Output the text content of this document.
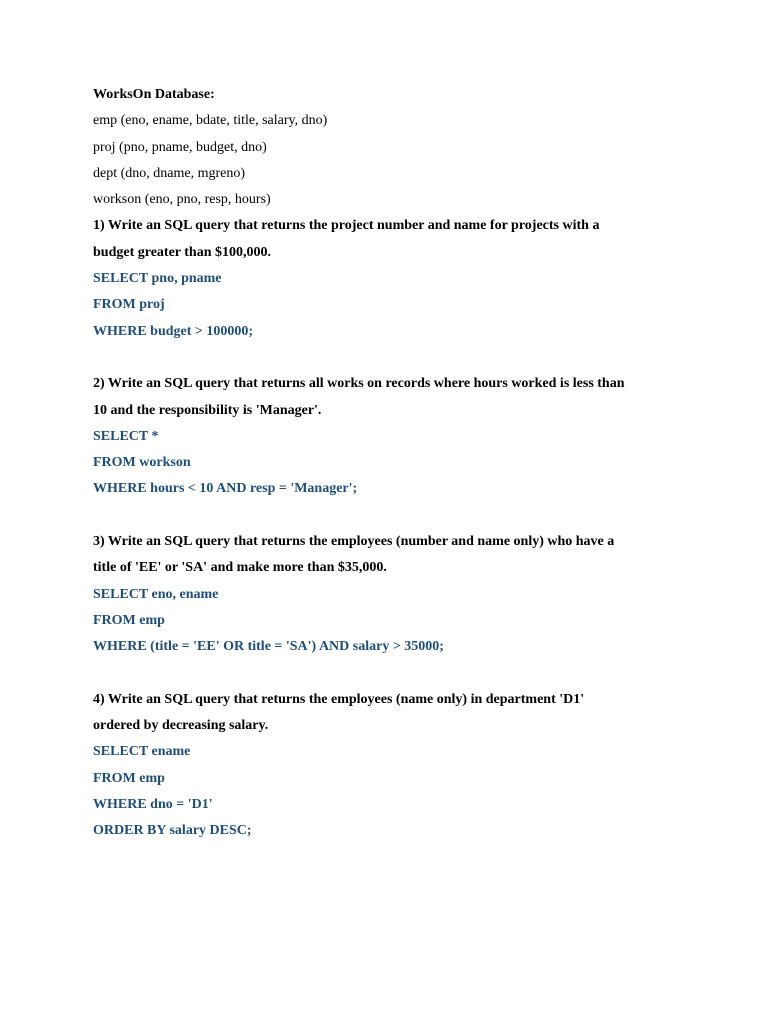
WorksOn Database:
emp (eno, ename, bdate, title, salary, dno)
proj (pno, pname, budget, dno)
dept (dno, dname, mgreno)
workson (eno, pno, resp, hours)
1) Write an SQL query that returns the project number and name for projects with a
budget greater than $100,000.
SELECT pno, pname
FROM proj
WHERE budget > 100000;
2) Write an SQL query that returns all works on records where hours worked is less than
10 and the responsibility is 'Manager'.
SELECT *
FROM workson
WHERE hours < 10 AND resp = 'Manager';
3) Write an SQL query that returns the employees (number and name only) who have a
title of 'EE' or 'SA' and make more than $35,000.
SELECT eno, ename
FROM emp
WHERE (title = 'EE' OR title = 'SA') AND salary > 35000;
4) Write an SQL query that returns the employees (name only) in department 'D1'
ordered by decreasing salary.
SELECT ename
FROM emp
WHERE dno = 'D1'
ORDER BY salary DESC;
